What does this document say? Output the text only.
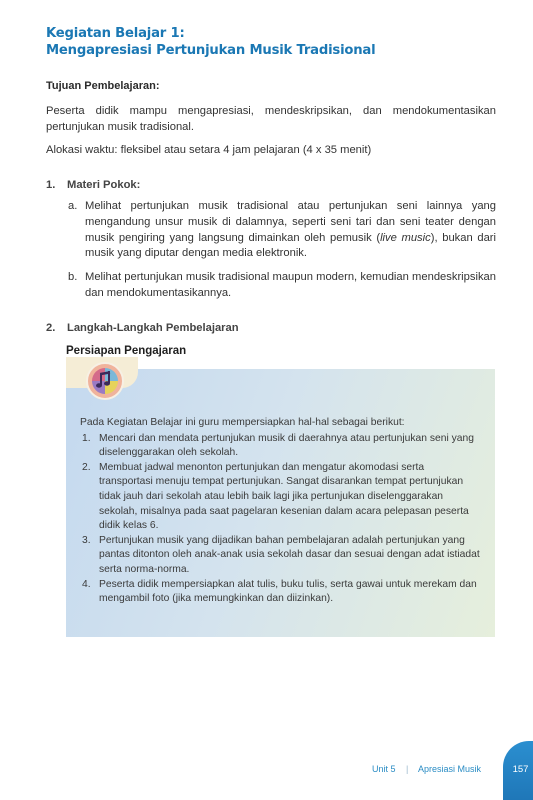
Kegiatan Belajar 1:
Mengapresiasi Pertunjukan Musik Tradisional
Tujuan Pembelajaran:
Peserta didik mampu mengapresiasi, mendeskripsikan, dan mendokumentasikan pertunjukan musik tradisional.
Alokasi waktu: fleksibel atau setara 4 jam pelajaran (4 x 35 menit)
1. Materi Pokok:
a. Melihat pertunjukan musik tradisional atau pertunjukan seni lainnya yang mengandung unsur musik di dalamnya, seperti seni tari dan seni teater dengan musik pengiring yang langsung dimainkan oleh pemusik (live music), bukan dari musik yang diputar dengan media elektronik.
b. Melihat pertunjukan musik tradisional maupun modern, kemudian mendeskripsikan dan mendokumentasikannya.
2. Langkah-Langkah Pembelajaran
Persiapan Pengajaran
Pada Kegiatan Belajar ini guru mempersiapkan hal-hal sebagai berikut:
1. Mencari dan mendata pertunjukan musik di daerahnya atau pertunjukan seni yang diselenggarakan oleh sekolah.
2. Membuat jadwal menonton pertunjukan dan mengatur akomodasi serta transportasi menuju tempat pertunjukan. Sangat disarankan tempat pertunjukan tidak jauh dari sekolah atau lebih baik lagi jika pertunjukan diselenggarakan sekolah, misalnya pada saat pagelaran kesenian dalam acara pelepasan peserta didik kelas 6.
3. Pertunjukan musik yang dijadikan bahan pembelajaran adalah pertunjukan yang pantas ditonton oleh anak-anak usia sekolah dasar dan sesuai dengan adat istiadat serta norma-norma.
4. Peserta didik mempersiapkan alat tulis, buku tulis, serta gawai untuk merekam dan mengambil foto (jika memungkinkan dan diizinkan).
Unit 5 | Apresiasi Musik	157
